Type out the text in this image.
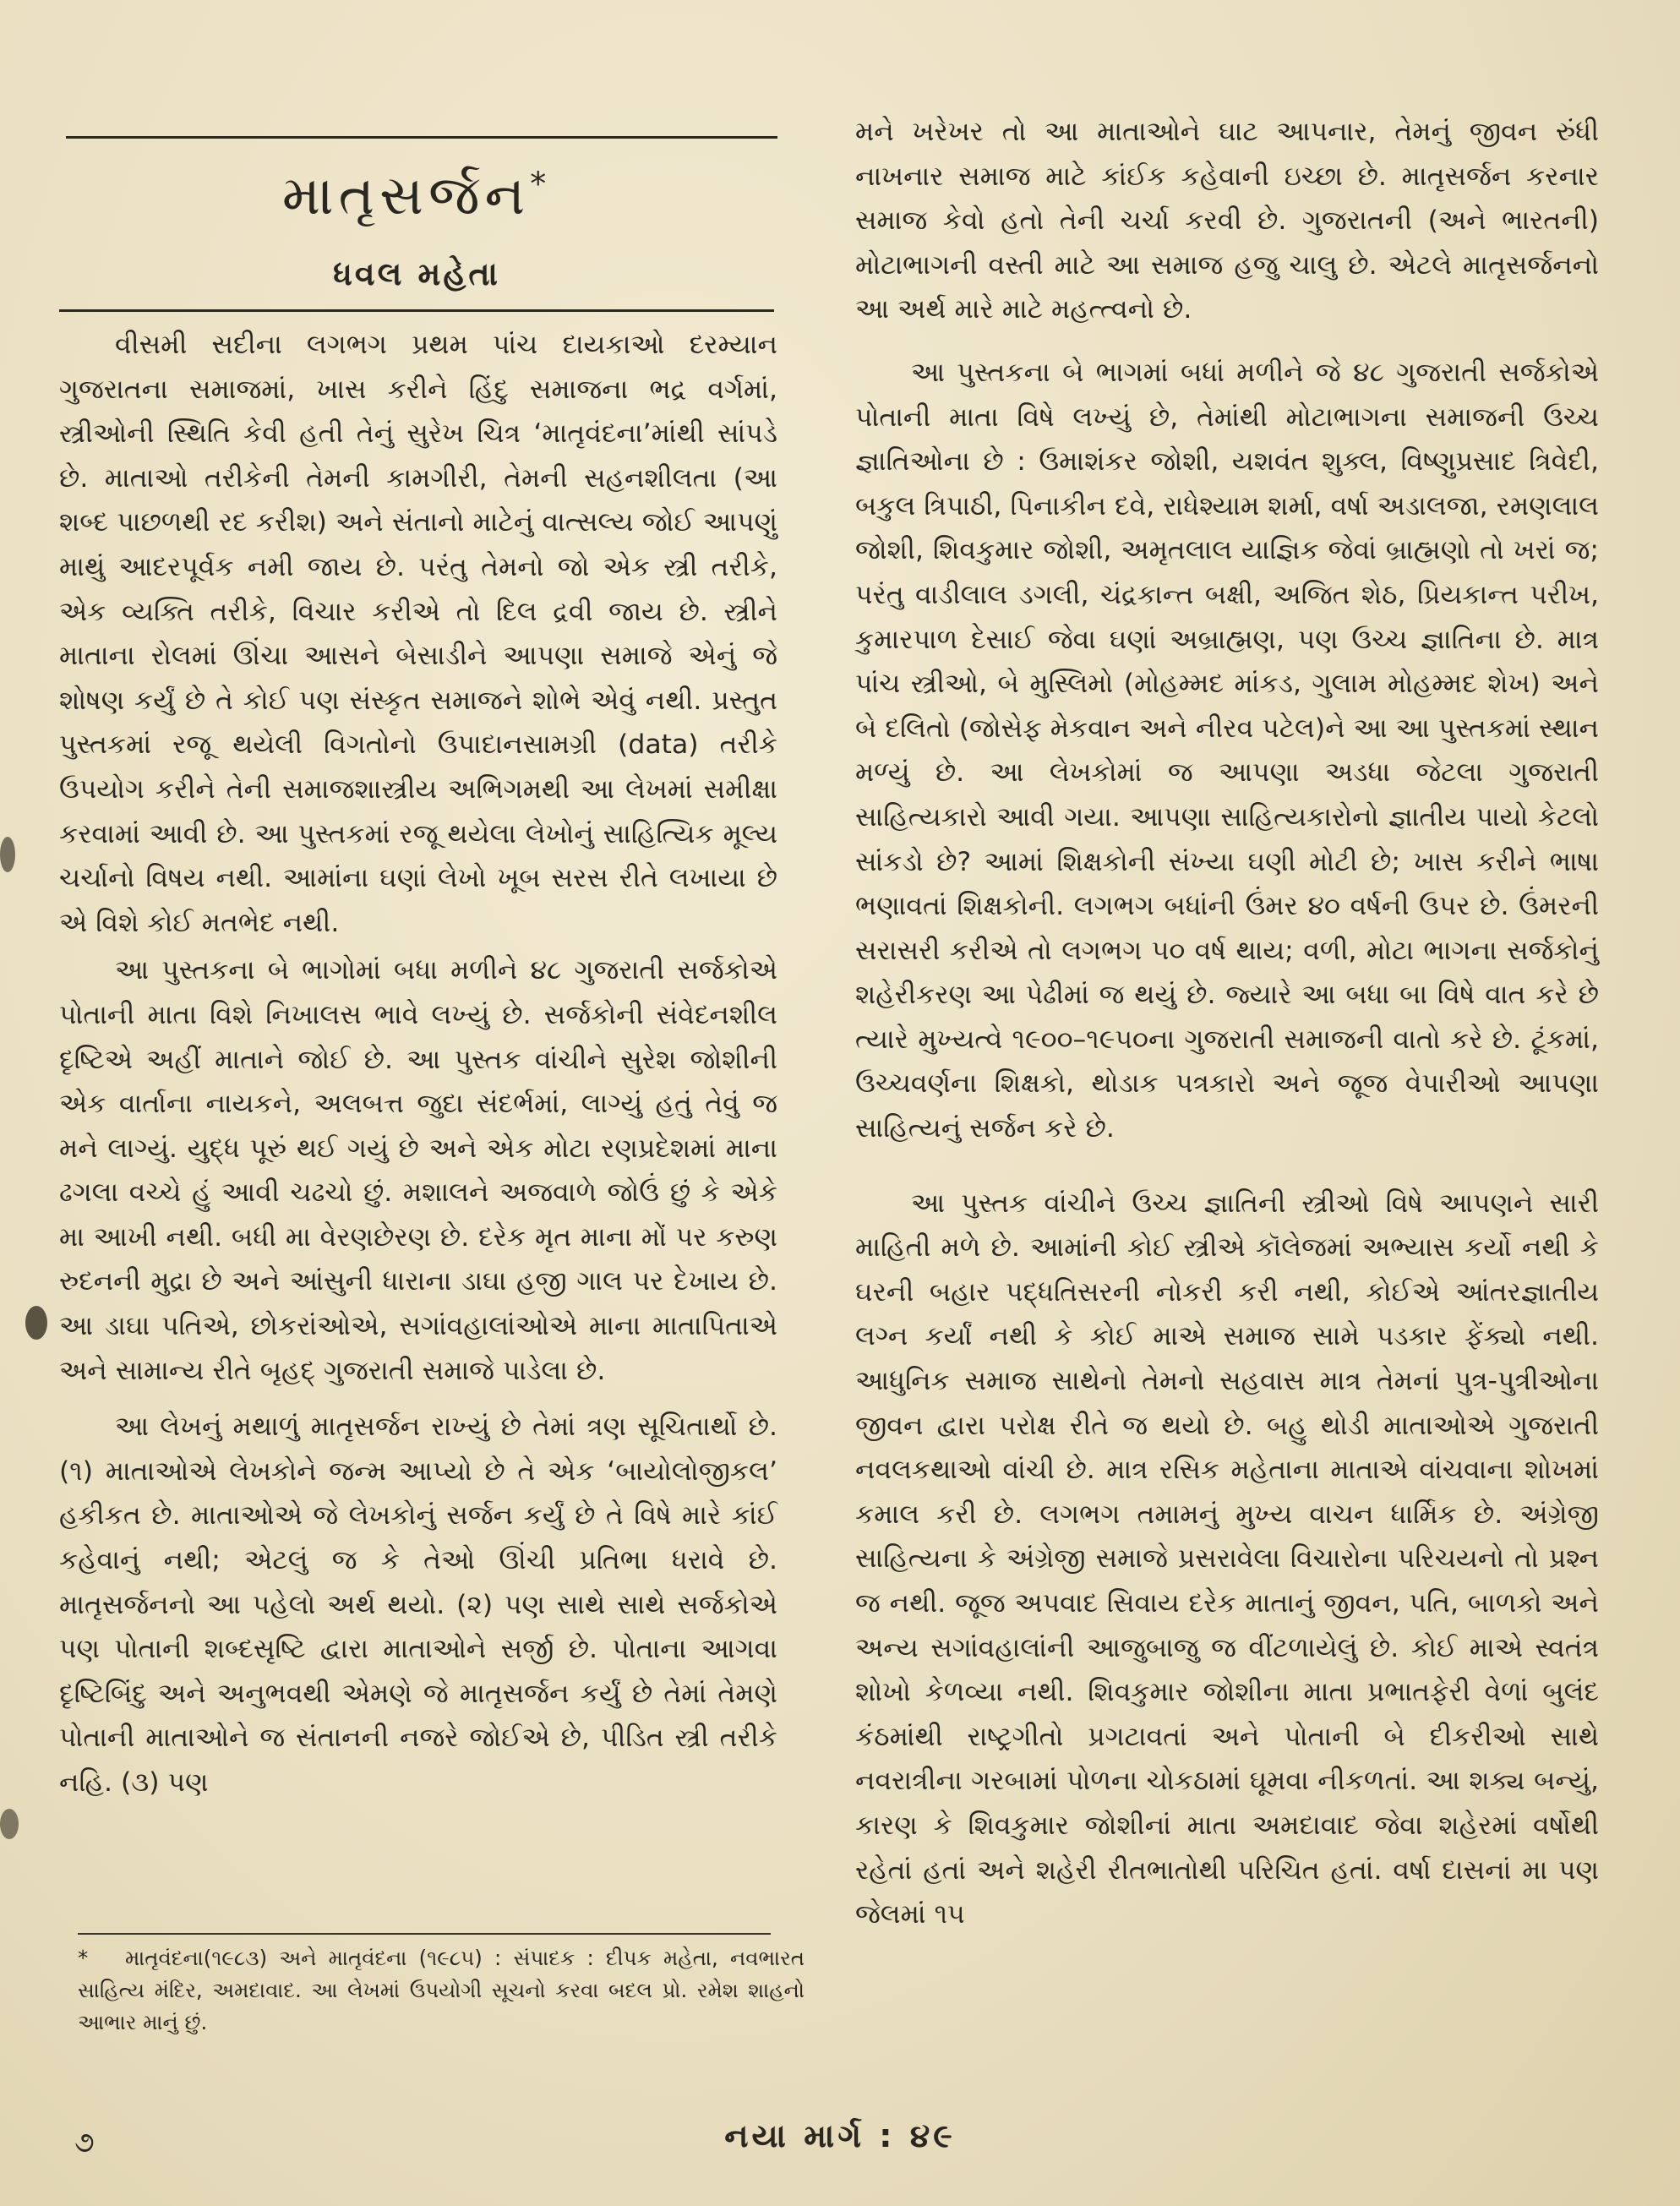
માતૃસર્જન*
ધવલ મહેતા

વીસમી સદીના લગભગ પ્રથમ પાંચ દાયકાઓ દરમ્યાન ગુજરાતના સમાજમાં, ખાસ કરીને હિંદુ સમાજના ભદ્ર વર્ગમાં, સ્ત્રીઓની સ્થિતિ કેવી હતી તેનું સુરેખ ચિત્ર ‘માતૃવંદના’માંથી સાંપડે છે. માતાઓ તરીકેની તેમની કામગીરી, તેમની સહનશીલતા (આ શબ્દ પાછળથી રદ કરીશ) અને સંતાનો માટેનું વાત્સલ્ય જોઈ આપણું માથું આદરપૂર્વક નમી જાય છે. પરંતુ તેમનો જો એક સ્ત્રી તરીકે, એક વ્યક્તિ તરીકે, વિચાર કરીએ તો દિલ દ્રવી જાય છે. સ્ત્રીને માતાના રોલમાં ઊંચા આસને બેસાડીને આપણા સમાજે એનું જે શોષણ કર્યું છે તે કોઈ પણ સંસ્કૃત સમાજને શોભે એવું નથી. પ્રસ્તુત પુસ્તકમાં રજૂ થયેલી વિગતોનો ઉપાદાનસામગ્રી (data) તરીકે ઉપયોગ કરીને તેની સમાજશાસ્ત્રીય અભિગમથી આ લેખમાં સમીક્ષા કરવામાં આવી છે. આ પુસ્તકમાં રજૂ થયેલા લેખોનું સાહિત્યિક મૂલ્ય ચર્ચાનો વિષય નથી. આમાંના ઘણાં લેખો ખૂબ સરસ રીતે લખાયા છે એ વિશે કોઈ મતભેદ નથી.

આ પુસ્તકના બે ભાગોમાં બધા મળીને ૪૮ ગુજરાતી સર્જકોએ પોતાની માતા વિશે નિખાલસ ભાવે લખ્યું છે. સર્જકોની સંવેદનશીલ દૃષ્ટિએ અહીં માતાને જોઈ છે. આ પુસ્તક વાંચીને સુરેશ જોશીની એક વાર્તાના નાયકને, અલબત્ત જુદા સંદર્ભમાં, લાગ્યું હતું તેવું જ મને લાગ્યું. યુદ્ધ પૂરું થઈ ગયું છે અને એક મોટા રણપ્રદેશમાં માના ઢગલા વચ્ચે હું આવી ચઢચો છું. મશાલને અજવાળે જોઉં છું કે એકે મા આખી નથી. બધી મા વેરણછેરણ છે. દરેક મૃત માના મોં પર કરુણ રુદનની મુદ્રા છે અને આંસુની ધારાના ડાઘા હજી ગાલ પર દેખાય છે. આ ડાઘા પતિએ, છોકરાંઓએ, સગાંવહાલાંઓએ માના માતાપિતાએ અને સામાન્ય રીતે બૃહદ્ ગુજરાતી સમાજે પાડેલા છે.

આ લેખનું મથાળું માતૃસર્જન રાખ્યું છે તેમાં ત્રણ સૂચિતાર્થો છે. (૧) માતાઓએ લેખકોને જન્મ આપ્યો છે તે એક ‘બાયોલોજીકલ’ હકીકત છે. માતાઓએ જે લેખકોનું સર્જન કર્યું છે તે વિષે મારે કાંઈ કહેવાનું નથી; એટલું જ કે તેઓ ઊંચી પ્રતિભા ધરાવે છે. માતૃસર્જનનો આ પહેલો અર્થ થયો. (૨) પણ સાથે સાથે સર્જકોએ પણ પોતાની શબ્દસૃષ્ટિ દ્વારા માતાઓને સર્જી છે. પોતાના આગવા દૃષ્ટિબિંદુ અને અનુભવથી એમણે જે માતૃસર્જન કર્યું છે તેમાં તેમણે પોતાની માતાઓને જ સંતાનની નજરે જોઈએ છે, પીડિત સ્ત્રી તરીકે નહિ. (૩) પણ

મને ખરેખર તો આ માતાઓને ઘાટ આપનાર, તેમનું જીવન રુંધી નાખનાર સમાજ માટે કાંઈક કહેવાની ઇચ્છા છે. માતૃસર્જન કરનાર સમાજ કેવો હતો તેની ચર્ચા કરવી છે. ગુજરાતની (અને ભારતની) મોટાભાગની વસ્તી માટે આ સમાજ હજુ ચાલુ છે. એટલે માતૃસર્જનનો આ અર્થ મારે માટે મહત્ત્વનો છે.

આ પુસ્તકના બે ભાગમાં બધાં મળીને જે ૪૮ ગુજરાતી સર્જકોએ પોતાની માતા વિષે લખ્યું છે, તેમાંથી મોટાભાગના સમાજની ઉચ્ચ જ્ઞાતિઓના છે : ઉમાશંકર જોશી, યશવંત શુક્લ, વિષ્ણુપ્રસાદ ત્રિવેદી, બકુલ ત્રિપાઠી, પિનાકીન દવે, રાધેશ્યામ શર્મા, વર્ષા અડાલજા, રમણલાલ જોશી, શિવકુમાર જોશી, અમૃતલાલ યાજ્ઞિક જેવાં બ્રાહ્મણો તો ખરાં જ; પરંતુ વાડીલાલ ડગલી, ચંદ્રકાન્ત બક્ષી, અજિત શેઠ, પ્રિયકાન્ત પરીખ, કુમારપાળ દેસાઈ જેવા ઘણાં અબ્રાહ્મણ, પણ ઉચ્ચ જ્ઞાતિના છે. માત્ર પાંચ સ્ત્રીઓ, બે મુસ્લિમો (મોહમ્મદ માંકડ, ગુલામ મોહમ્મદ શેખ) અને બે દલિતો (જોસેફ મેકવાન અને નીરવ પટેલ)ને આ આ પુસ્તકમાં સ્થાન મળ્યું છે. આ લેખકોમાં જ આપણા અડધા જેટલા ગુજરાતી સાહિત્યકારો આવી ગયા. આપણા સાહિત્યકારોનો જ્ઞાતીય પાયો કેટલો સાંકડો છે? આમાં શિક્ષકોની સંખ્યા ઘણી મોટી છે; ખાસ કરીને ભાષા ભણાવતાં શિક્ષકોની. લગભગ બધાંની ઉંમર ૪૦ વર્ષની ઉપર છે. ઉંમરની સરાસરી કરીએ તો લગભગ ૫૦ વર્ષ થાય; વળી, મોટા ભાગના સર્જકોનું શહેરીકરણ આ પેઢીમાં જ થયું છે. જ્યારે આ બધા બા વિષે વાત કરે છે ત્યારે મુખ્યત્વે ૧૯૦૦–૧૯૫૦ના ગુજરાતી સમાજની વાતો કરે છે. ટૂંકમાં, ઉચ્ચવર્ણના શિક્ષકો, થોડાક પત્રકારો અને જૂજ વેપારીઓ આપણા સાહિત્યનું સર્જન કરે છે.

આ પુસ્તક વાંચીને ઉચ્ચ જ્ઞાતિની સ્ત્રીઓ વિષે આપણને સારી માહિતી મળે છે. આમાંની કોઈ સ્ત્રીએ કૉલેજમાં અભ્યાસ કર્યો નથી કે ઘરની બહાર પદ્ધતિસરની નોકરી કરી નથી, કોઈએ આંતરજ્ઞાતીય લગ્ન કર્યાં નથી કે કોઈ માએ સમાજ સામે પડકાર ફેંક્યો નથી. આધુનિક સમાજ સાથેનો તેમનો સહવાસ માત્ર તેમનાં પુત્ર-પુત્રીઓના જીવન દ્વારા પરોક્ષ રીતે જ થયો છે. બહુ થોડી માતાઓએ ગુજરાતી નવલકથાઓ વાંચી છે. માત્ર રસિક મહેતાના માતાએ વાંચવાના શોખમાં કમાલ કરી છે. લગભગ તમામનું મુખ્ય વાચન ધાર્મિક છે. અંગ્રેજી સાહિત્યના કે અંગ્રેજી સમાજે પ્રસરાવેલા વિચારોના પરિચયનો તો પ્રશ્ન જ નથી. જૂજ અપવાદ સિવાય દરેક માતાનું જીવન, પતિ, બાળકો અને અન્ય સગાંવહાલાંની આજુબાજુ જ વીંટળાયેલું છે. કોઈ માએ સ્વતંત્ર શોખો કેળવ્યા નથી. શિવકુમાર જોશીના માતા પ્રભાતફેરી વેળાં બુલંદ કંઠમાંથી રાષ્ટ્રગીતો પ્રગટાવતાં અને પોતાની બે દીકરીઓ સાથે નવરાત્રીના ગરબામાં પોળના ચોકઠામાં ઘૂમવા નીકળતાં. આ શક્ય બન્યું, કારણ કે શિવકુમાર જોશીનાં માતા અમદાવાદ જેવા શહેરમાં વર્ષોથી રહેતાં હતાં અને શહેરી રીતભાતોથી પરિચિત હતાં. વર્ષા દાસનાં મા પણ જેલમાં ૧૫

* માતૃવંદના(૧૯૮૩) અને માતૃવંદના (૧૯૮૫) : સંપાદક : દીપક મહેતા, નવભારત સાહિત્ય મંદિર, અમદાવાદ. આ લેખમાં ઉપયોગી સૂચનો કરવા બદલ પ્રો. રમેશ શાહનો આભાર માનું છું.
૭	નયા માર્ગ : ૪૯
